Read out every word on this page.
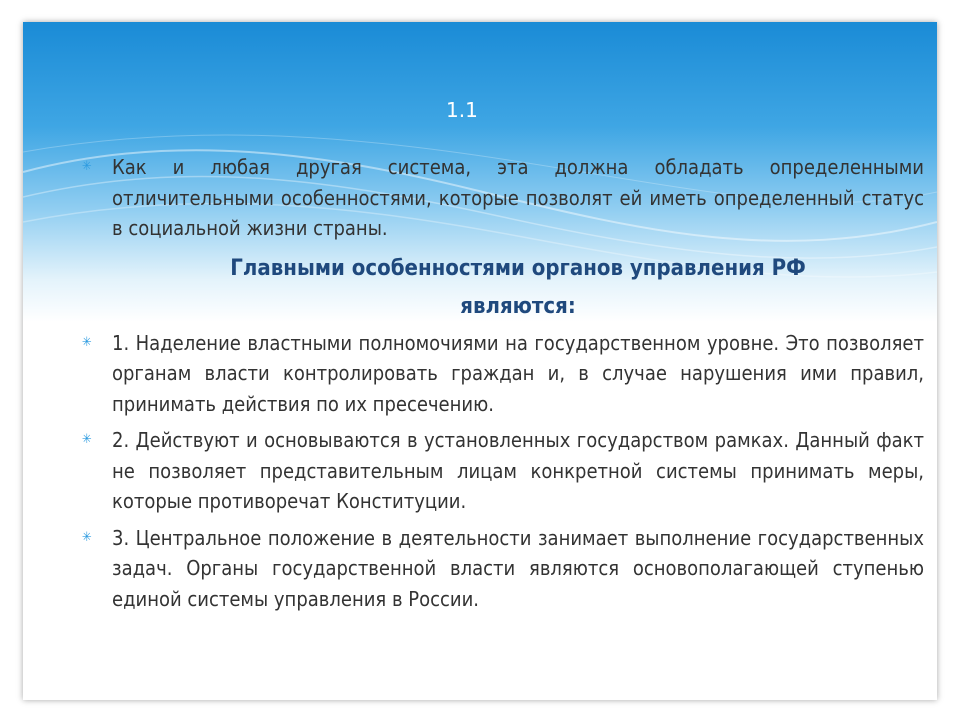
1.1
✳ Как и любая другая система, эта должна обладать определенными отличительными особенностями, которые позволят ей иметь определенный статус в социальной жизни страны.
Главными особенностями органов управления РФ
являются:
✳ 1. Наделение властными полномочиями на государственном уровне. Это позволяет органам власти контролировать граждан и, в случае нарушения ими правил, принимать действия по их пресечению.
✳ 2. Действуют и основываются в установленных государством рамках. Данный факт не позволяет представительным лицам конкретной системы принимать меры, которые противоречат Конституции.
✳ 3. Центральное положение в деятельности занимает выполнение государственных задач. Органы государственной власти являются основополагающей ступенью единой системы управления в России.
